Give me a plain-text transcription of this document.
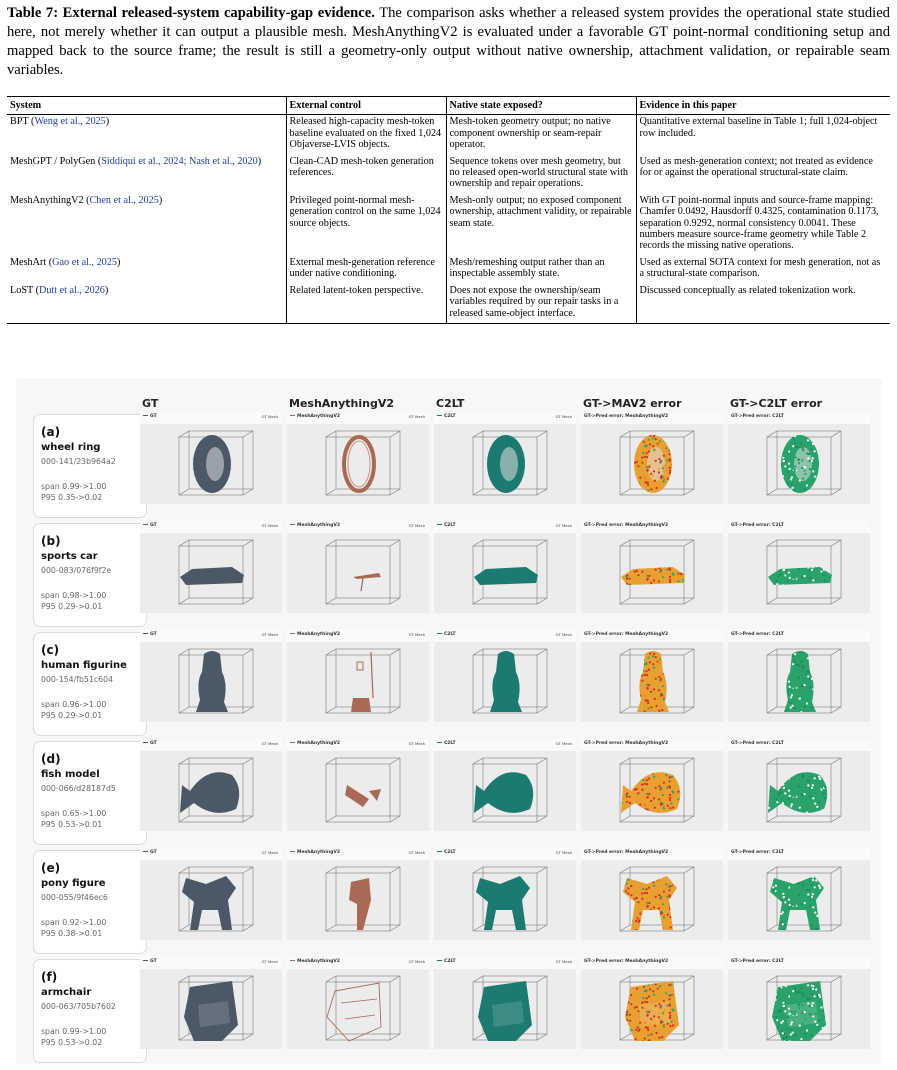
Table 7: External released-system capability-gap evidence. The comparison asks whether a released system provides the operational state studied here, not merely whether it can output a plausible mesh. MeshAnythingV2 is evaluated under a favorable GT point-normal conditioning setup and mapped back to the source frame; the result is still a geometry-only output without native ownership, attachment validation, or repairable seam variables.
System	External control	Native state exposed?	Evidence in this paper
BPT (Weng et al., 2025)	Released high-capacity mesh-token baseline evaluated on the fixed 1,024 Objaverse-LVIS objects.	Mesh-token geometry output; no native component ownership or seam-repair operator.	Quantitative external baseline in Table 1; full 1,024-object row included.
MeshGPT / PolyGen (Siddiqui et al., 2024; Nash et al., 2020)	Clean-CAD mesh-token generation references.	Sequence tokens over mesh geometry, but no released open-world structural state with ownership and repair operations.	Used as mesh-generation context; not treated as evidence for or against the operational structural-state claim.
MeshAnythingV2 (Chen et al., 2025)	Privileged point-normal mesh-generation control on the same 1,024 source objects.	Mesh-only output; no exposed component ownership, attachment validity, or repairable seam state.	With GT point-normal inputs and source-frame mapping: Chamfer 0.0492, Hausdorff 0.4325, contamination 0.1173, separation 0.9292, normal consistency 0.0041. These numbers measure source-frame geometry while Table 2 records the missing native operations.
MeshArt (Gao et al., 2025)	External mesh-generation reference under native conditioning.	Mesh/remeshing output rather than an inspectable assembly state.	Used as external SOTA context for mesh generation, not as a structural-state comparison.
LoST (Dutt et al., 2026)	Related latent-token perspective.	Does not expose the ownership/seam variables required by our repair tasks in a released same-object interface.	Discussed conceptually as related tokenization work.
GT	MeshAnythingV2	C2LT	GT->MAV2 error	GT->C2LT error
(a)
wheel ring
000-141/23b964a2
span 0.99->1.00
P95 0.35->0.02
GT	GT Mesh	MeshAnythingV2	GT Mesh	C2LT	GT Mesh	GT->Pred error: MeshAnythingV2	GT->Pred error: C2LT
(b)
sports car
000-083/076f9f2e
span 0.98->1.00
P95 0.29->0.01
GT	GT Mesh	MeshAnythingV2	GT Mesh	C2LT	GT Mesh	GT->Pred error: MeshAnythingV2	GT->Pred error: C2LT
(c)
human figurine
000-154/fb51c604
span 0.96->1.00
P95 0.29->0.01
GT	GT Mesh	MeshAnythingV2	GT Mesh	C2LT	GT Mesh	GT->Pred error: MeshAnythingV2	GT->Pred error: C2LT
(d)
fish model
000-066/d28187d5
span 0.65->1.00
P95 0.53->0.01
GT	GT Mesh	MeshAnythingV2	GT Mesh	C2LT	GT Mesh	GT->Pred error: MeshAnythingV2	GT->Pred error: C2LT
(e)
pony figure
000-055/9f46ec6
span 0.92->1.00
P95 0.38->0.01
GT	GT Mesh	MeshAnythingV2	GT Mesh	C2LT	GT Mesh	GT->Pred error: MeshAnythingV2	GT->Pred error: C2LT
(f)
armchair
000-063/705b7602
span 0.99->1.00
P95 0.53->0.02
GT	GT Mesh	MeshAnythingV2	GT Mesh	C2LT	GT Mesh	GT->Pred error: MeshAnythingV2	GT->Pred error: C2LT
